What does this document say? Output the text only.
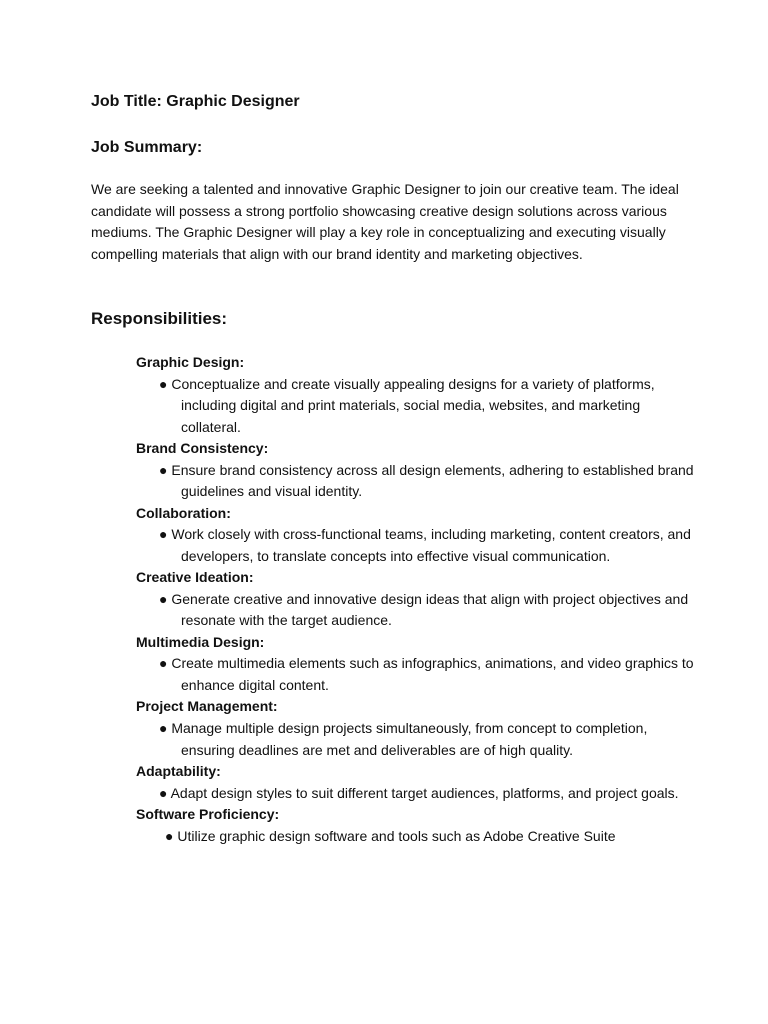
Job Title: Graphic Designer
Job Summary:

We are seeking a talented and innovative Graphic Designer to join our creative team. The ideal candidate will possess a strong portfolio showcasing creative design solutions across various mediums. The Graphic Designer will play a key role in conceptualizing and executing visually compelling materials that align with our brand identity and marketing objectives.

Responsibilities:
Graphic Design:

● Conceptualize and create visually appealing designs for a variety of platforms, including digital and print materials, social media, websites, and marketing collateral.

Brand Consistency:

● Ensure brand consistency across all design elements, adhering to established brand guidelines and visual identity.

Collaboration:

● Work closely with cross-functional teams, including marketing, content creators, and developers, to translate concepts into effective visual communication.

Creative Ideation:

● Generate creative and innovative design ideas that align with project objectives and resonate with the target audience.

Multimedia Design:

● Create multimedia elements such as infographics, animations, and video graphics to enhance digital content.

Project Management:

● Manage multiple design projects simultaneously, from concept to completion, ensuring deadlines are met and deliverables are of high quality.

Adaptability:

● Adapt design styles to suit different target audiences, platforms, and project goals.

Software Proficiency:

● Utilize graphic design software and tools such as Adobe Creative Suite
